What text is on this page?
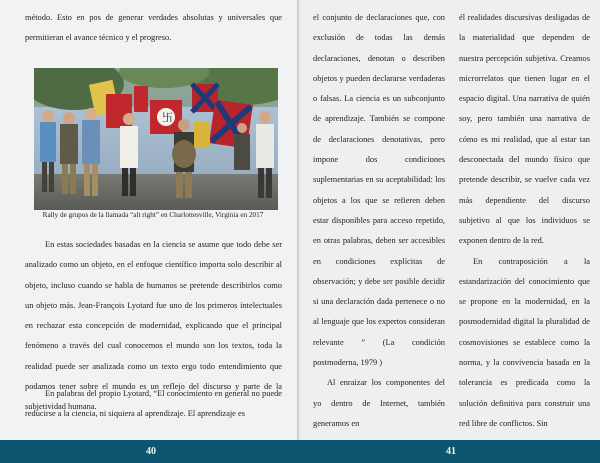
método. Esto en pos de generar verdades absolutas y universales que permitieran el avance técnico y el progreso.

卐
Rally de grupos de la llamada “alt right” en Charlottesville, Virginia en 2017

En estas sociedades basadas en la ciencia se asume que todo debe ser analizado como un objeto, en el enfoque científico importa solo describir al objeto, incluso cuando se habla de humanos se pretende describirlos como un objeto más. Jean-François Lyotard fue uno de los primeros intelectuales en rechazar esta concepción de modernidad, explicando que el principal fenómeno a través del cual conocemos el mundo son los textos, toda la realidad puede ser analizada como un texto ergo todo entendimiento que podamos tener sobre el mundo es un reflejo del discurso y parte de la subjetividad humana.

En palabras del propio Lyotard, “El conocimiento en general no puede reducirse a la ciencia, ni siquiera al aprendizaje. El aprendizaje es

el conjunto de declaraciones que, con exclusión de todas las demás declaraciones, denotan o describen objetos y pueden declararse verdaderas o falsas. La ciencia es un subconjunto de aprendizaje. También se compone de declaraciones denotativas, pero impone dos condiciones suplementarias en su aceptabilidad: los objetos a los que se refieren deben estar disponibles para acceso repetido, en otras palabras, deben ser accesibles en condiciones explícitas de observación; y debe ser posible decidir si una declaración dada pertenece o no al lenguaje que los expertos consideran relevante ” (La condición postmoderna, 1979 )

Al enraizar los componentes del yo dentro de Internet, también generamos en

él realidades discursivas desligadas de la materialidad que dependen de nuestra percepción subjetiva. Creamos microrrelatos que tienen lugar en el espacio digital. Una narrativa de quién soy, pero también una narrativa de cómo es mi realidad, que al estar tan desconectada del mundo físico que pretende describir, se vuelve cada vez más dependiente del discurso subjetivo al que los individuos se exponen dentro de la red.

En contraposición a la estandarización del conocimiento que se propone en la modernidad, en la posmodernidad digital la pluralidad de cosmovisiones se establece como la norma, y la convivencia basada en la tolerancia es predicada como la solución definitiva para construir una red libre de conflictos. Sin

40	41
